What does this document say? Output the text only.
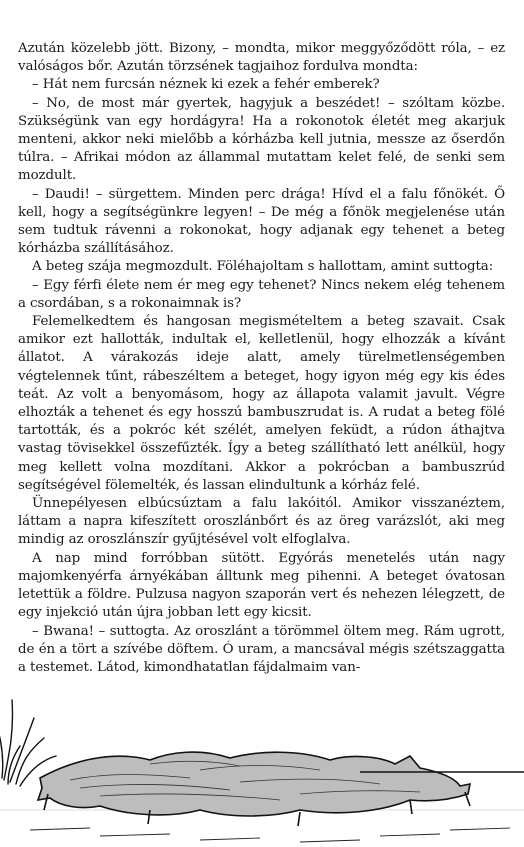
Azután közelebb jött. Bizony, – mondta, mikor meggyőződött róla, – ez valóságos bőr. Azután törzsének tagjaihoz fordulva mondta:

– Hát nem furcsán néznek ki ezek a fehér emberek?

– No, de most már gyertek, hagyjuk a beszédet! – szóltam közbe. Szükségünk van egy hordágyra! Ha a rokonotok életét meg akarjuk menteni, akkor neki mielőbb a kórházba kell jutnia, messze az őserdőn túlra. – Afrikai módon az állammal mutattam kelet felé, de senki sem mozdult.

– Daudi! – sürgettem. Minden perc drága! Hívd el a falu főnökét. Ő kell, hogy a segítségünkre legyen! – De még a főnök megjelenése után sem tudtuk rávenni a rokonokat, hogy adjanak egy tehenet a beteg kórházba szállításához.

A beteg szája megmozdult. Föléhajoltam s hallottam, amint suttogta:

– Egy férfi élete nem ér meg egy tehenet? Nincs nekem elég tehenem a csordában, s a rokonaimnak is?

Felemelkedtem és hangosan megismételtem a beteg szavait. Csak amikor ezt hallották, indultak el, kelletlenül, hogy elhozzák a kívánt állatot. A várakozás ideje alatt, amely türelmetlenségemben végtelennek tűnt, rábeszéltem a beteget, hogy igyon még egy kis édes teát. Az volt a benyomásom, hogy az állapota valamit javult. Végre elhozták a tehenet és egy hosszú bambuszrudat is. A rudat a beteg fölé tartották, és a pokróc két szélét, amelyen feküdt, a rúdon áthajtva vastag tövisekkel összefűzték. Így a beteg szállítható lett anélkül, hogy meg kellett volna mozdítani. Akkor a pokrócban a bambuszrúd segítségével fölemelték, és lassan elindultunk a kórház felé.

Ünnepélyesen elbúcsúztam a falu lakóitól. Amikor visszanéztem, láttam a napra kifeszített oroszlánbőrt és az öreg varázslót, aki meg mindig az oroszlánszír gyűjtésével volt elfoglalva.

A nap mind forróbban sütött. Egyórás menetelés után nagy majomkenyérfa árnyékában álltunk meg pihenni. A beteget óvatosan letettük a földre. Pulzusa nagyon szaporán vert és nehezen lélegzett, de egy injekció után újra jobban lett egy kicsit.

– Bwana! – suttogta. Az oroszlánt a törömmel öltem meg. Rám ugrott, de én a tört a szívébe döftem. Ó uram, a mancsával mégis szétszaggatta a testemet. Látod, kimondhatatlan fájdalmaim van-
